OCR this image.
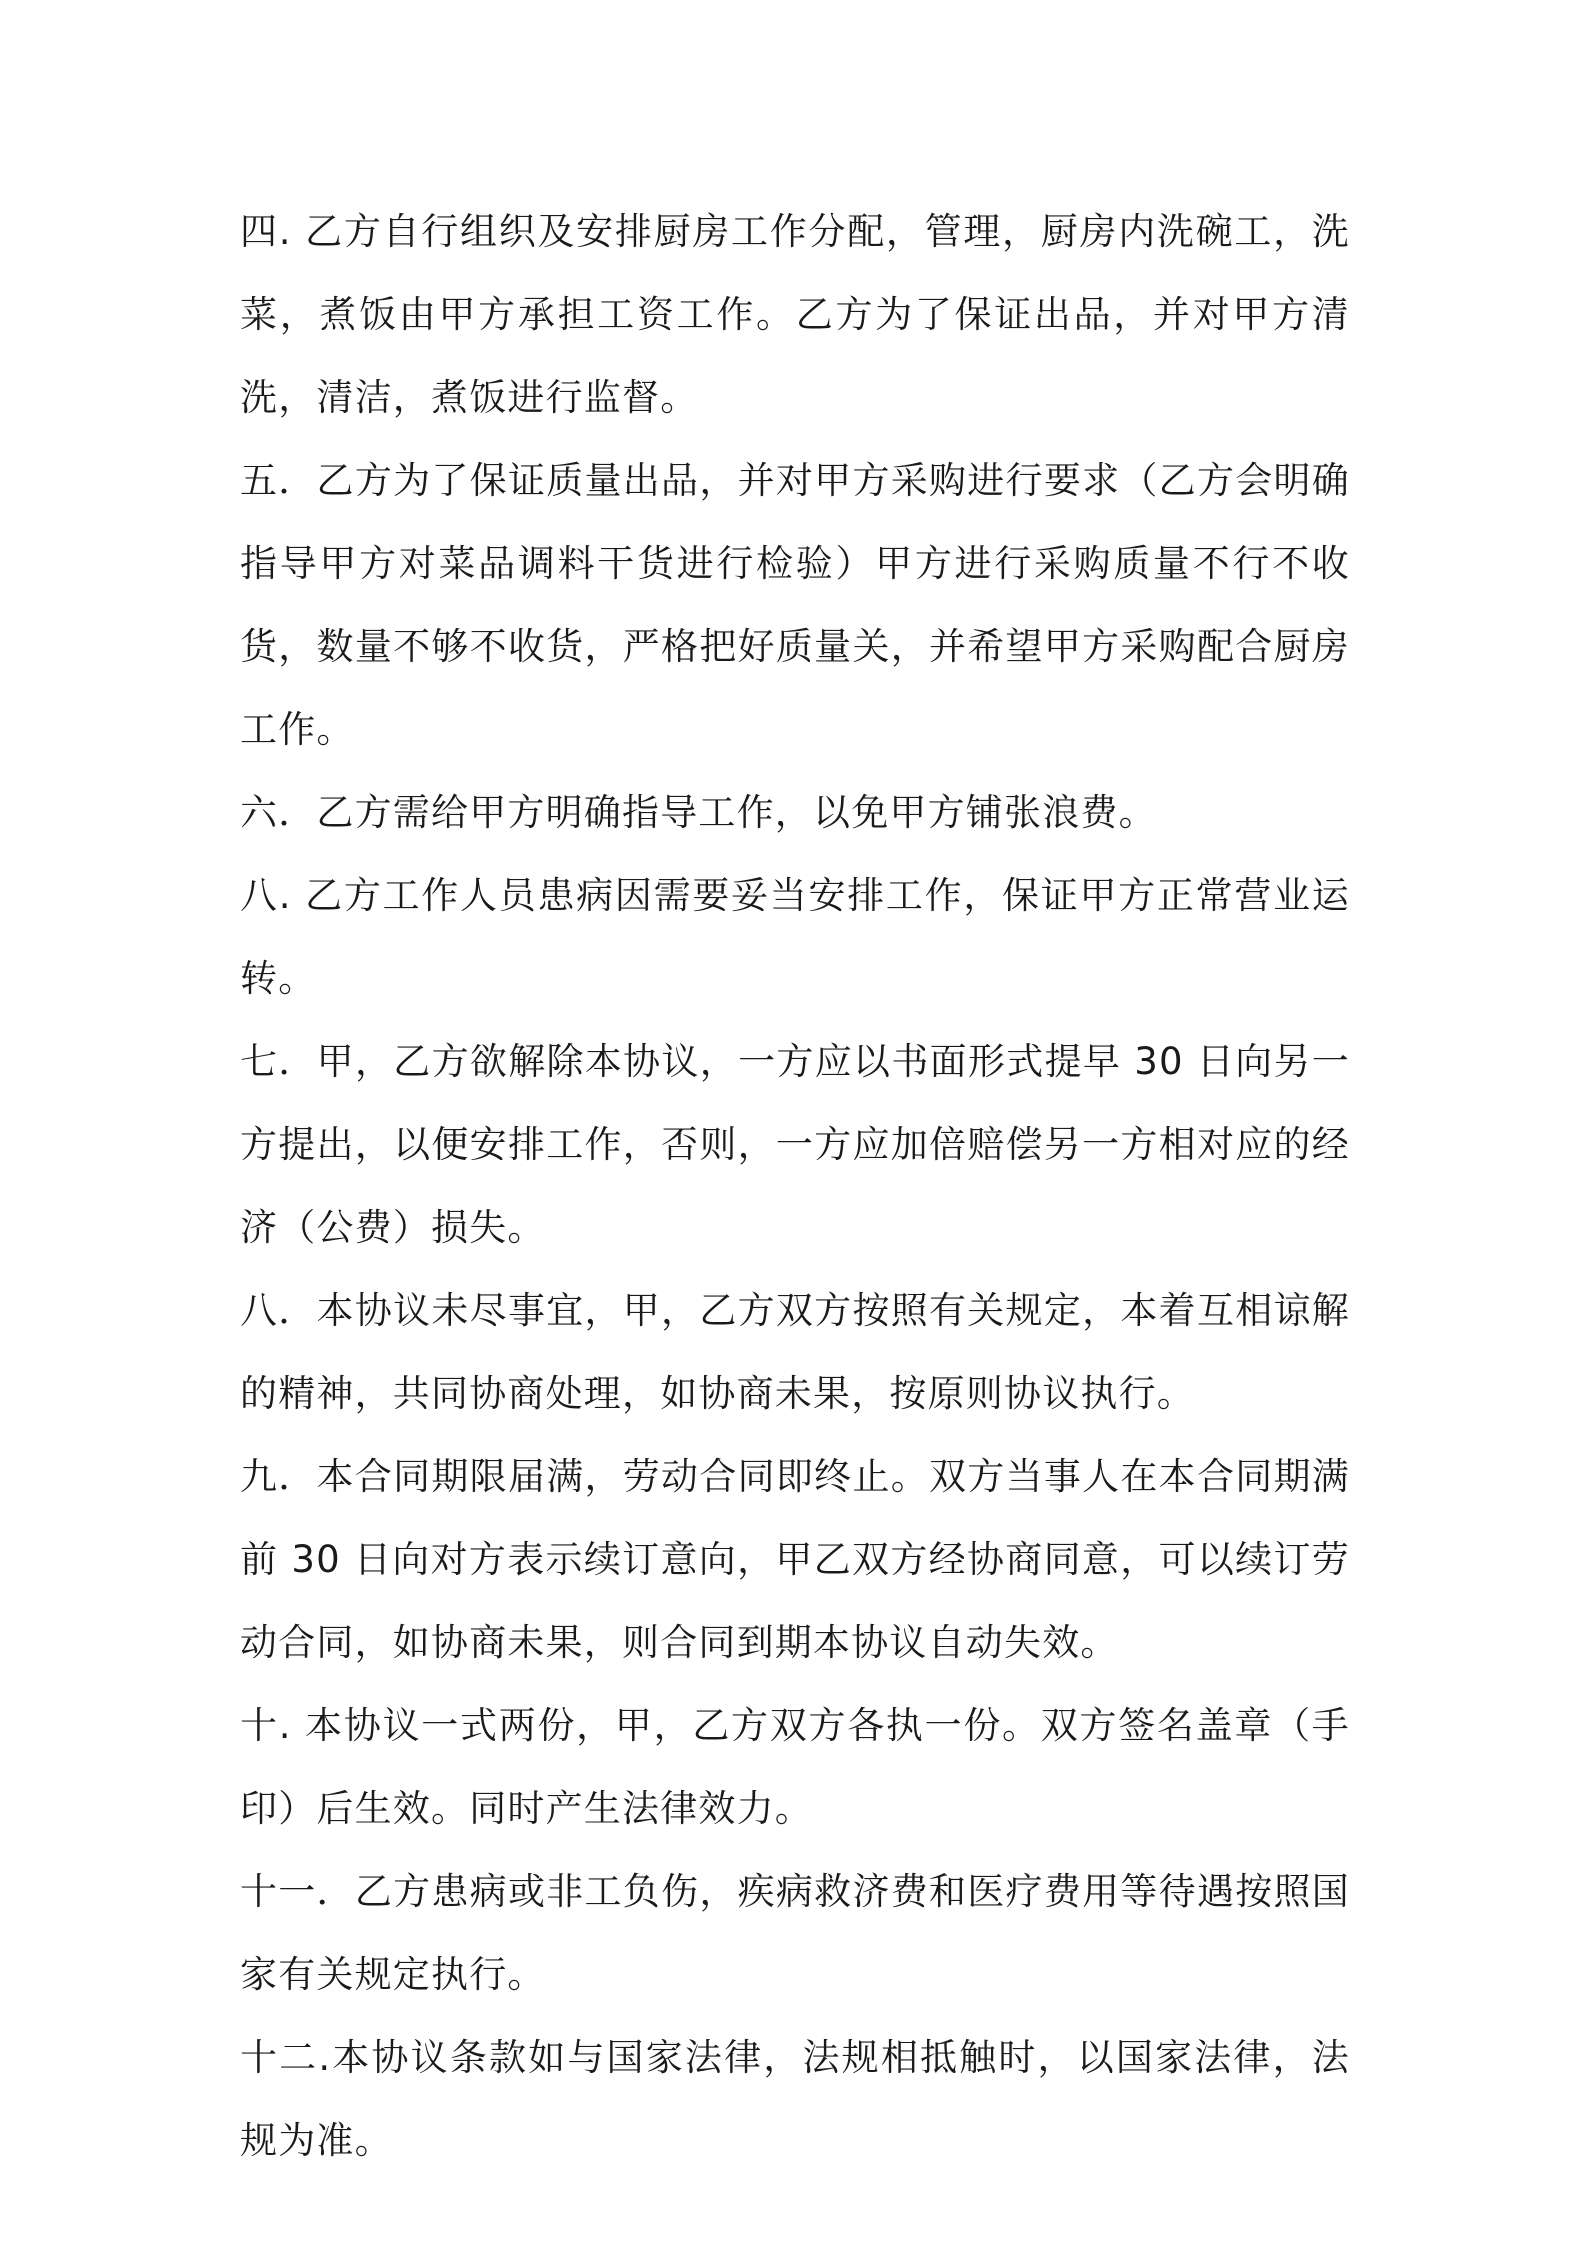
四. 乙方自行组织及安排厨房工作分配，管理，厨房内洗碗工，洗菜，煮饭由甲方承担工资工作。乙方为了保证出品，并对甲方清洗，清洁，煮饭进行监督。

五．乙方为了保证质量出品，并对甲方采购进行要求（乙方会明确指导甲方对菜品调料干货进行检验）甲方进行采购质量不行不收货，数量不够不收货，严格把好质量关，并希望甲方采购配合厨房工作。

六．乙方需给甲方明确指导工作，以免甲方铺张浪费。

八. 乙方工作人员患病因需要妥当安排工作，保证甲方正常营业运转。

七．甲，乙方欲解除本协议，一方应以书面形式提早 30 日向另一方提出，以便安排工作，否则，一方应加倍赔偿另一方相对应的经济（公费）损失。

八．本协议未尽事宜，甲，乙方双方按照有关规定，本着互相谅解的精神，共同协商处理，如协商未果，按原则协议执行。

九．本合同期限届满，劳动合同即终止。双方当事人在本合同期满前 30 日向对方表示续订意向，甲乙双方经协商同意，可以续订劳动合同，如协商未果，则合同到期本协议自动失效。

十. 本协议一式两份，甲，乙方双方各执一份。双方签名盖章（手印）后生效。同时产生法律效力。

十一．乙方患病或非工负伤，疾病救济费和医疗费用等待遇按照国家有关规定执行。

十二.本协议条款如与国家法律，法规相抵触时，以国家法律，法规为准。
